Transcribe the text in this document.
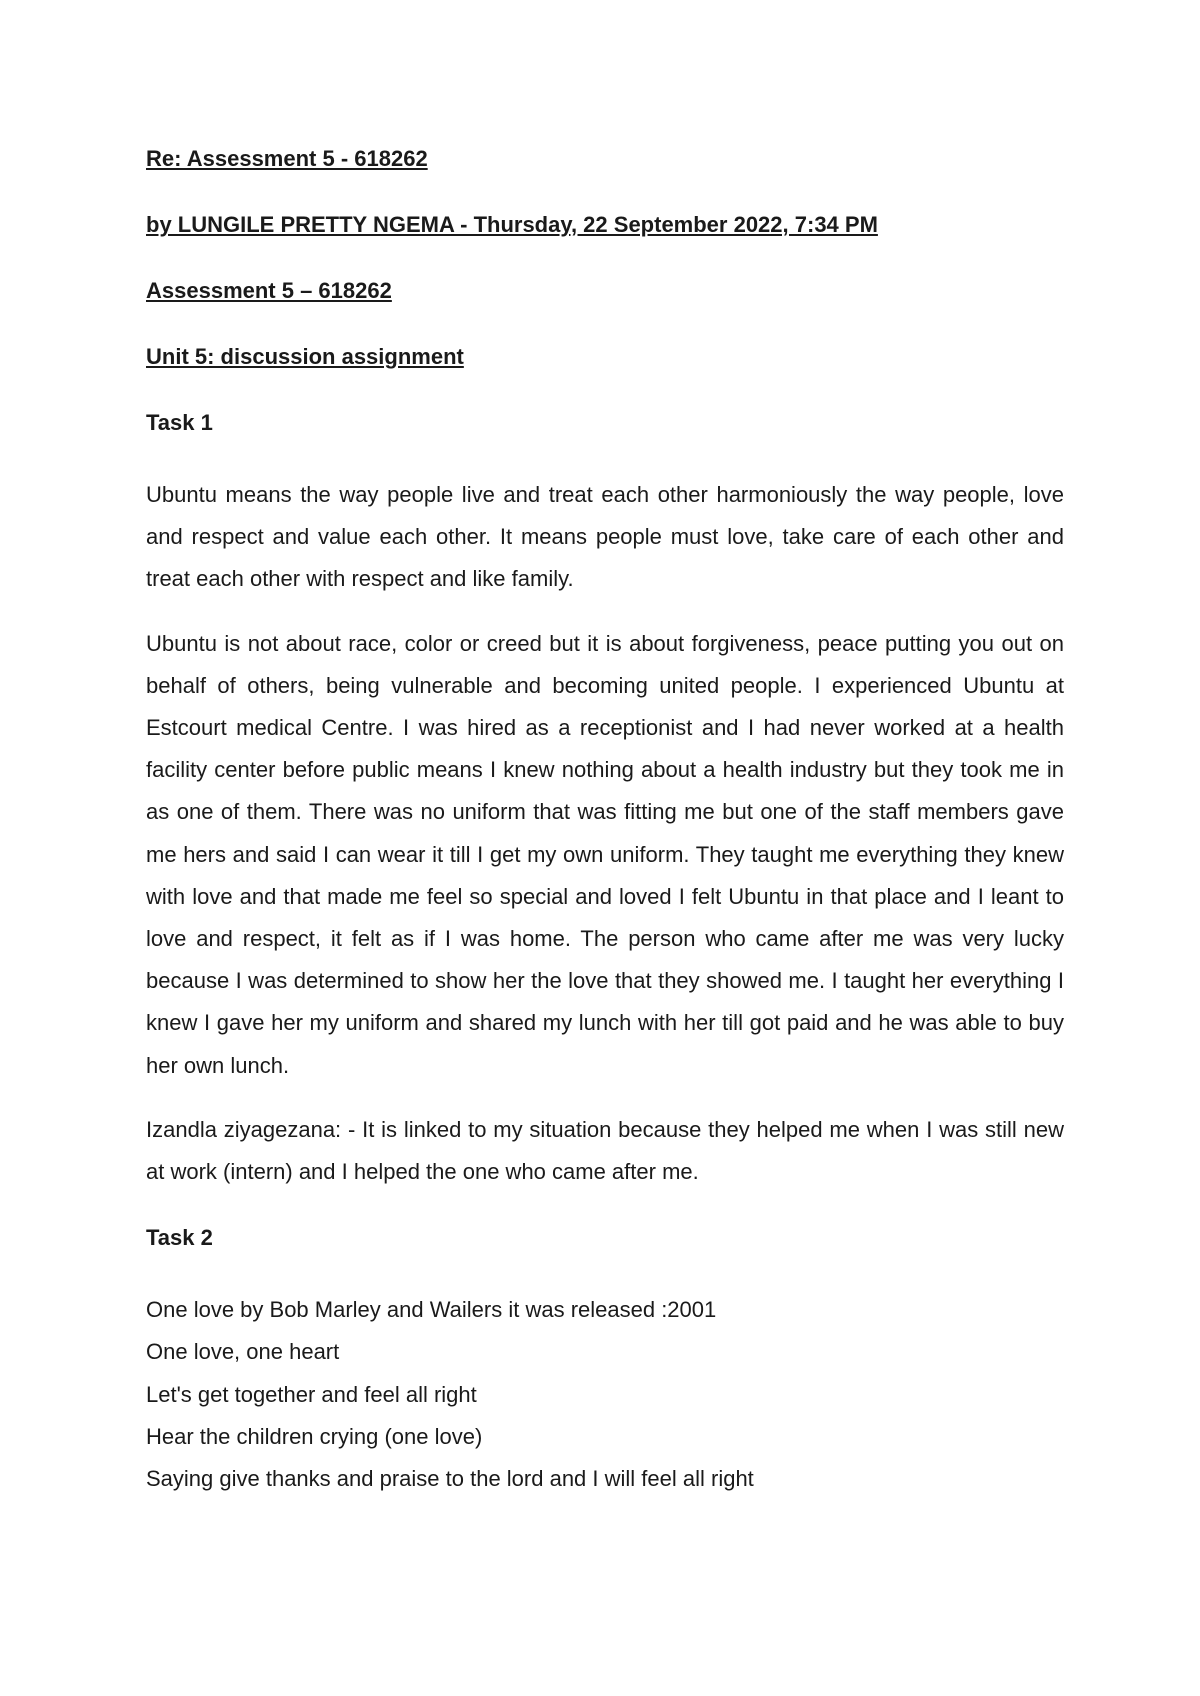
Re: Assessment 5 - 618262
by LUNGILE PRETTY NGEMA - Thursday, 22 September 2022, 7:34 PM
Assessment 5 – 618262
Unit 5: discussion assignment
Task 1

Ubuntu means the way people live and treat each other harmoniously the way people, love and respect and value each other. It means people must love, take care of each other and treat each other with respect and like family.

Ubuntu is not about race, color or creed but it is about forgiveness, peace putting you out on behalf of others, being vulnerable and becoming united people. I experienced Ubuntu at Estcourt medical Centre. I was hired as a receptionist and I had never worked at a health facility center before public means I knew nothing about a health industry but they took me in as one of them. There was no uniform that was fitting me but one of the staff members gave me hers and said I can wear it till I get my own uniform. They taught me everything they knew with love and that made me feel so special and loved I felt Ubuntu in that place and I leant to love and respect, it felt as if I was home. The person who came after me was very lucky because I was determined to show her the love that they showed me. I taught her everything I knew I gave her my uniform and shared my lunch with her till got paid and he was able to buy her own lunch.

Izandla ziyagezana: - It is linked to my situation because they helped me when I was still new at work (intern) and I helped the one who came after me.

Task 2
One love by Bob Marley and Wailers it was released :2001
One love, one heart
Let's get together and feel all right
Hear the children crying (one love)
Saying give thanks and praise to the lord and I will feel all right
